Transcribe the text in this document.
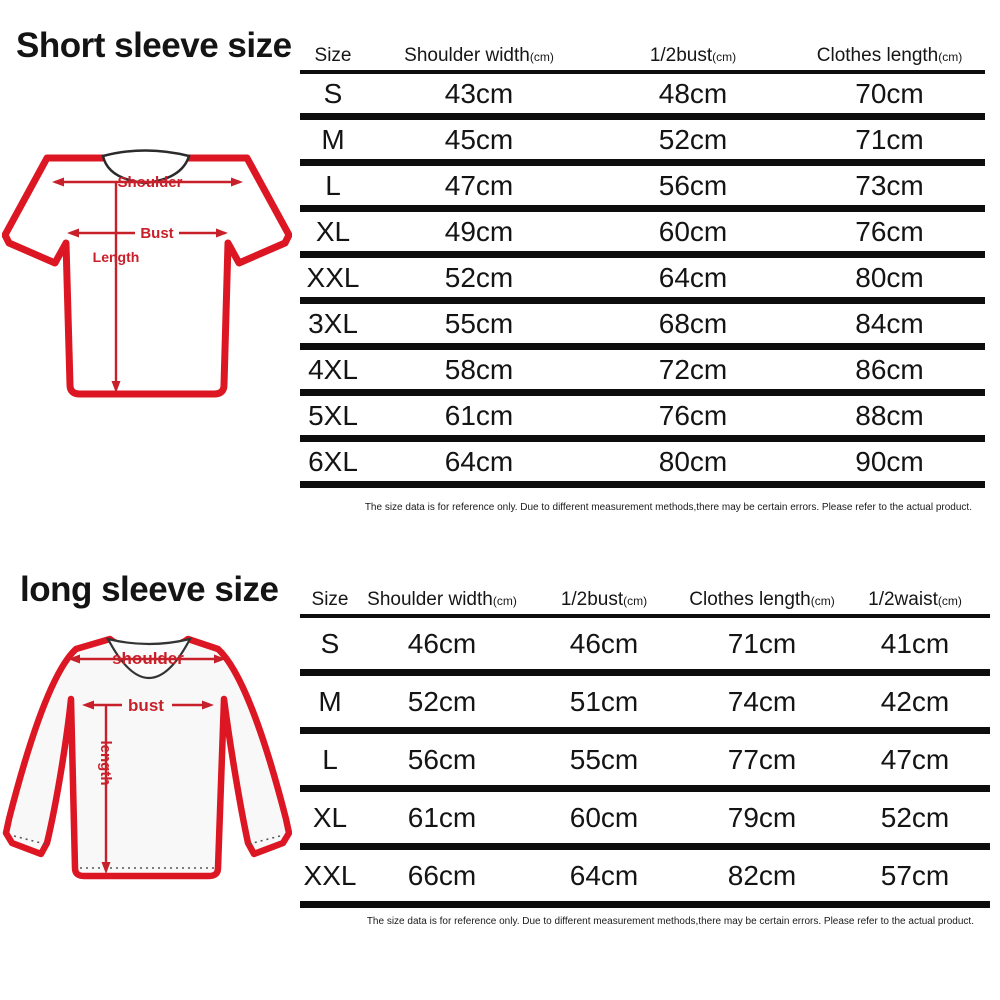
Short sleeve size
Shoulder
Bust
Length
Size	Shoulder width(cm)	1/2bust(cm)	Clothes length(cm)
S	43cm	48cm	70cm
M	45cm	52cm	71cm
L	47cm	56cm	73cm
XL	49cm	60cm	76cm
XXL	52cm	64cm	80cm
3XL	55cm	68cm	84cm
4XL	58cm	72cm	86cm
5XL	61cm	76cm	88cm
6XL	64cm	80cm	90cm
The size data is for reference only. Due to different measurement methods,there may be certain errors. Please refer to the actual product.
long sleeve size
shoulder
bust
length
Size Shoulder width(cm)	1/2bust(cm)	Clothes length(cm)	1/2waist(cm)
S	46cm	46cm	71cm	41cm
M	52cm	51cm	74cm	42cm
L	56cm	55cm	77cm	47cm
XL	61cm	60cm	79cm	52cm
XXL	66cm	64cm	82cm	57cm
The size data is for reference only. Due to different measurement methods,there may be certain errors. Please refer to the actual product.
